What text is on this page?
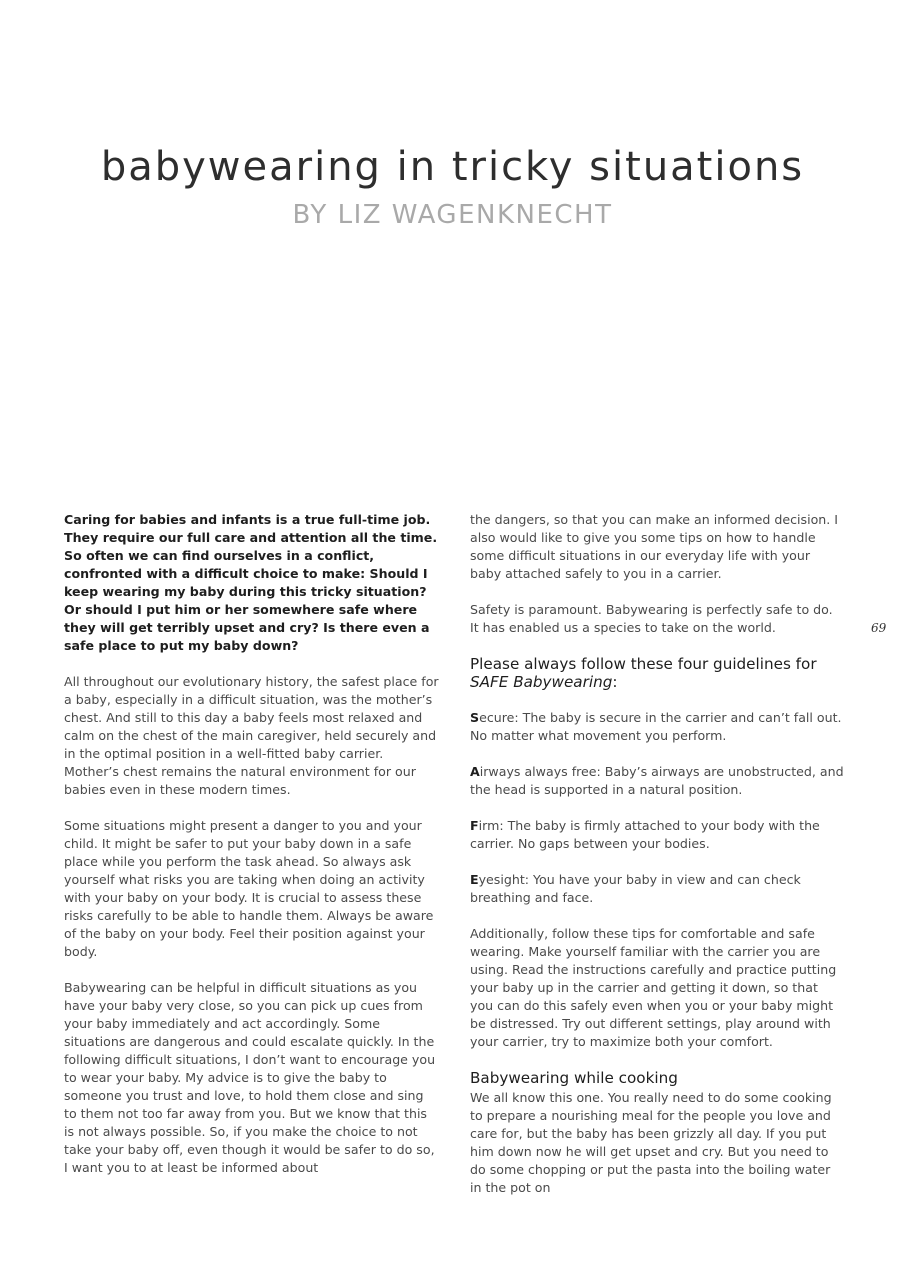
babywearing in tricky situations
BY LIZ WAGENKNECHT

Caring for babies and infants is a true full-time job. They require our full care and attention all the time. So often we can find ourselves in a conflict, confronted with a difficult choice to make: Should I keep wearing my baby during this tricky situation? Or should I put him or her somewhere safe where they will get terribly upset and cry? Is there even a safe place to put my baby down?

All throughout our evolutionary history, the safest place for a baby, especially in a difficult situation, was the mother’s chest. And still to this day a baby feels most relaxed and calm on the chest of the main caregiver, held securely and in the optimal position in a well-fitted baby carrier. Mother’s chest remains the natural environment for our babies even in these modern times.

Some situations might present a danger to you and your child. It might be safer to put your baby down in a safe place while you perform the task ahead. So always ask yourself what risks you are taking when doing an activity with your baby on your body. It is crucial to assess these risks carefully to be able to handle them. Always be aware of the baby on your body. Feel their position against your body.

Babywearing can be helpful in difficult situations as you have your baby very close, so you can pick up cues from your baby immediately and act accordingly. Some situations are dangerous and could escalate quickly. In the following difficult situations, I don’t want to encourage you to wear your baby. My advice is to give the baby to someone you trust and love, to hold them close and sing to them not too far away from you. But we know that this is not always possible. So, if you make the choice to not take your baby off, even though it would be safer to do so, I want you to at least be informed about

the dangers, so that you can make an informed decision. I also would like to give you some tips on how to handle some difficult situations in our everyday life with your baby attached safely to you in a carrier.

Safety is paramount. Babywearing is perfectly safe to do. It has enabled us a species to take on the world.

Please always follow these four guidelines for SAFE Babywearing:

Secure: The baby is secure in the carrier and can’t fall out. No matter what movement you perform.

Airways always free: Baby’s airways are unobstructed, and the head is supported in a natural position.

Firm: The baby is firmly attached to your body with the carrier. No gaps between your bodies.

Eyesight: You have your baby in view and can check breathing and face.

Additionally, follow these tips for comfortable and safe wearing. Make yourself familiar with the carrier you are using. Read the instructions carefully and practice putting your baby up in the carrier and getting it down, so that you can do this safely even when you or your baby might be distressed. Try out different settings, play around with your carrier, try to maximize both your comfort.

Babywearing while cooking

We all know this one. You really need to do some cooking to prepare a nourishing meal for the people you love and care for, but the baby has been grizzly all day. If you put him down now he will get upset and cry. But you need to do some chopping or put the pasta into the boiling water in the pot on

69
